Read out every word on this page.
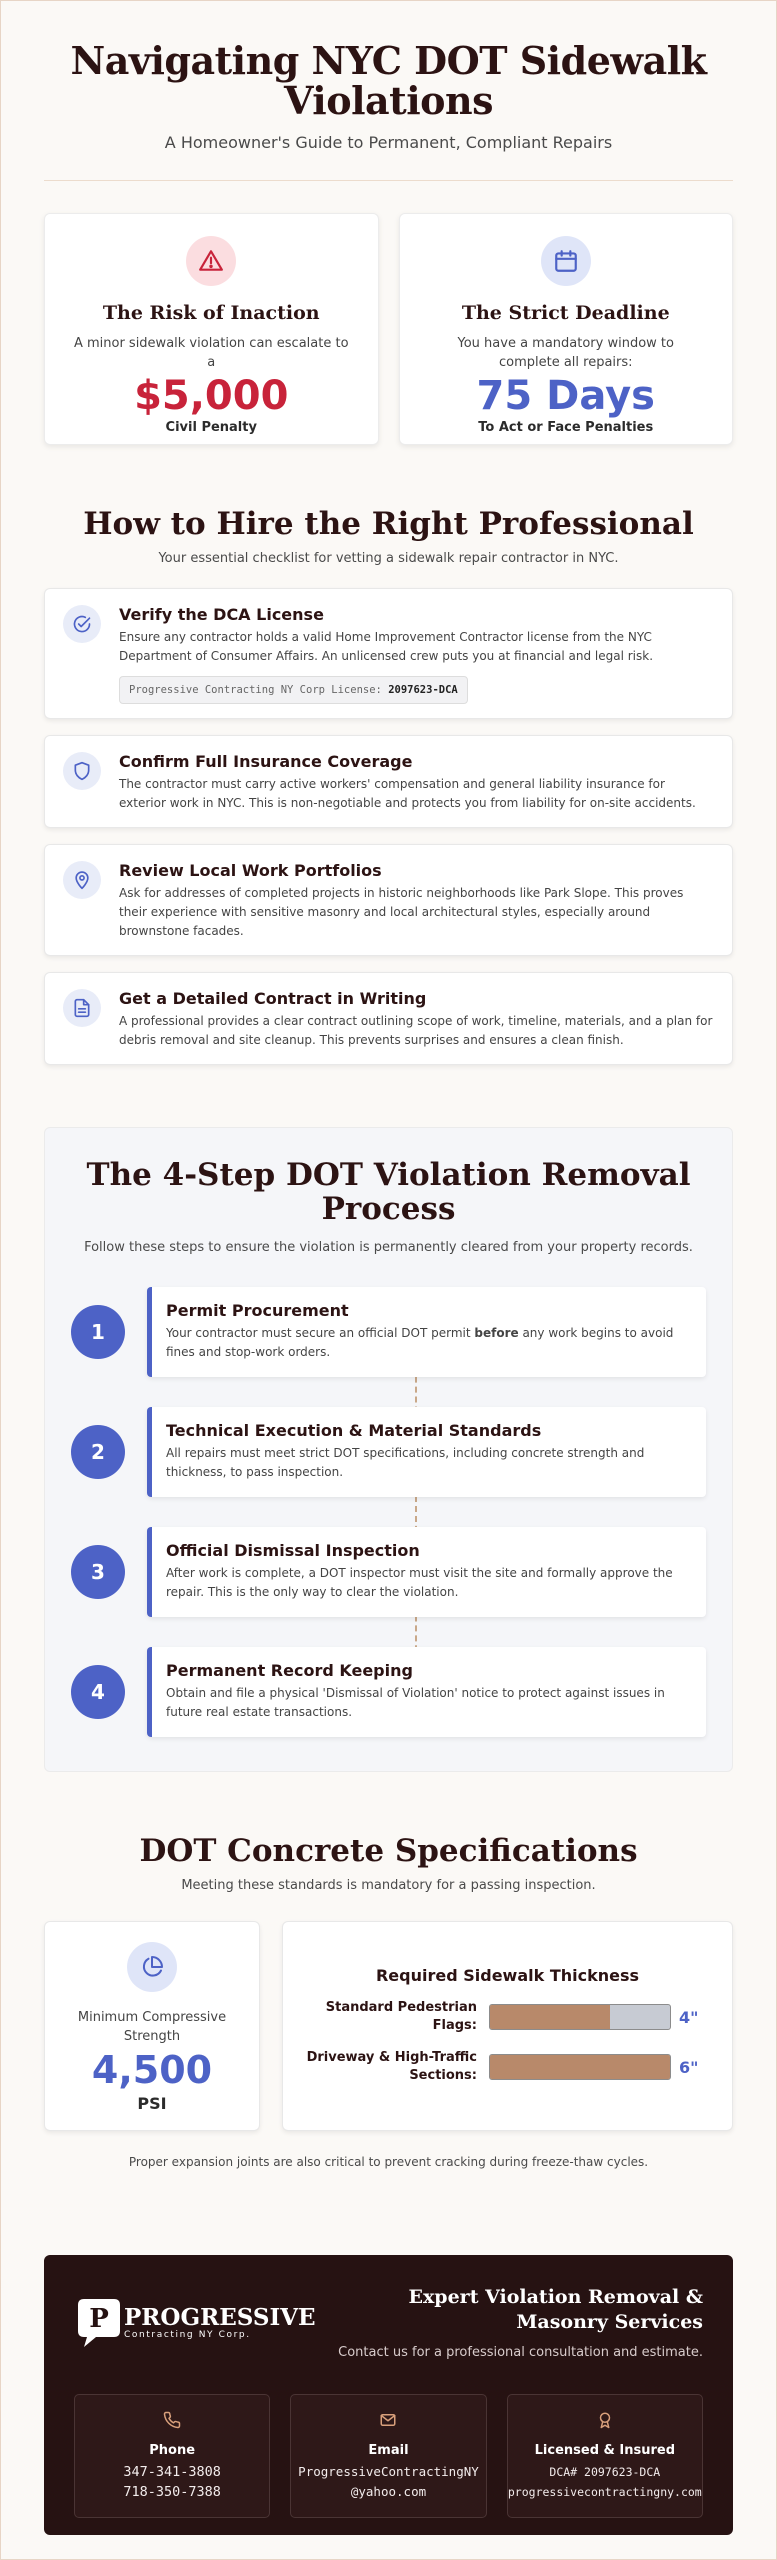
Navigating NYC DOT Sidewalk Violations

A Homeowner's Guide to Permanent, Compliant Repairs

The Risk of Inaction

A minor sidewalk violation can escalate to a

$5,000
Civil Penalty
The Strict Deadline

You have a mandatory window to complete all repairs:

75 Days
To Act or Face Penalties
How to Hire the Right Professional

Your essential checklist for vetting a sidewalk repair contractor in NYC.

Verify the DCA License

Ensure any contractor holds a valid Home Improvement Contractor license from the NYC Department of Consumer Affairs. An unlicensed crew puts you at financial and legal risk.

Progressive Contracting NY Corp License: 2097623-DCA
Confirm Full Insurance Coverage

The contractor must carry active workers' compensation and general liability insurance for exterior work in NYC. This is non-negotiable and protects you from liability for on-site accidents.

Review Local Work Portfolios

Ask for addresses of completed projects in historic neighborhoods like Park Slope. This proves their experience with sensitive masonry and local architectural styles, especially around brownstone facades.

Get a Detailed Contract in Writing

A professional provides a clear contract outlining scope of work, timeline, materials, and a plan for debris removal and site cleanup. This prevents surprises and ensures a clean finish.

The 4-Step DOT Violation Removal Process

Follow these steps to ensure the violation is permanently cleared from your property records.

1
Permit Procurement

Your contractor must secure an official DOT permit before any work begins to avoid fines and stop-work orders.

2
Technical Execution & Material Standards

All repairs must meet strict DOT specifications, including concrete strength and thickness, to pass inspection.

3
Official Dismissal Inspection

After work is complete, a DOT inspector must visit the site and formally approve the repair. This is the only way to clear the violation.

4
Permanent Record Keeping

Obtain and file a physical 'Dismissal of Violation' notice to protect against issues in future real estate transactions.

DOT Concrete Specifications

Meeting these standards is mandatory for a passing inspection.

Minimum Compressive Strength
4,500
PSI
Required Sidewalk Thickness
Standard Pedestrian Flags:	4"
Driveway & High-Traffic Sections:	6"

Proper expansion joints are also critical to prevent cracking during freeze-thaw cycles.

P PROGRESSIVE
Contracting NY Corp.
Expert Violation Removal & Masonry Services
Contact us for a professional consultation and estimate.
Phone
347-341-3808
718-350-7388
Email
ProgressiveContractingNY
@yahoo.com
Licensed & Insured
DCA# 2097623-DCA
progressivecontractingny.com
